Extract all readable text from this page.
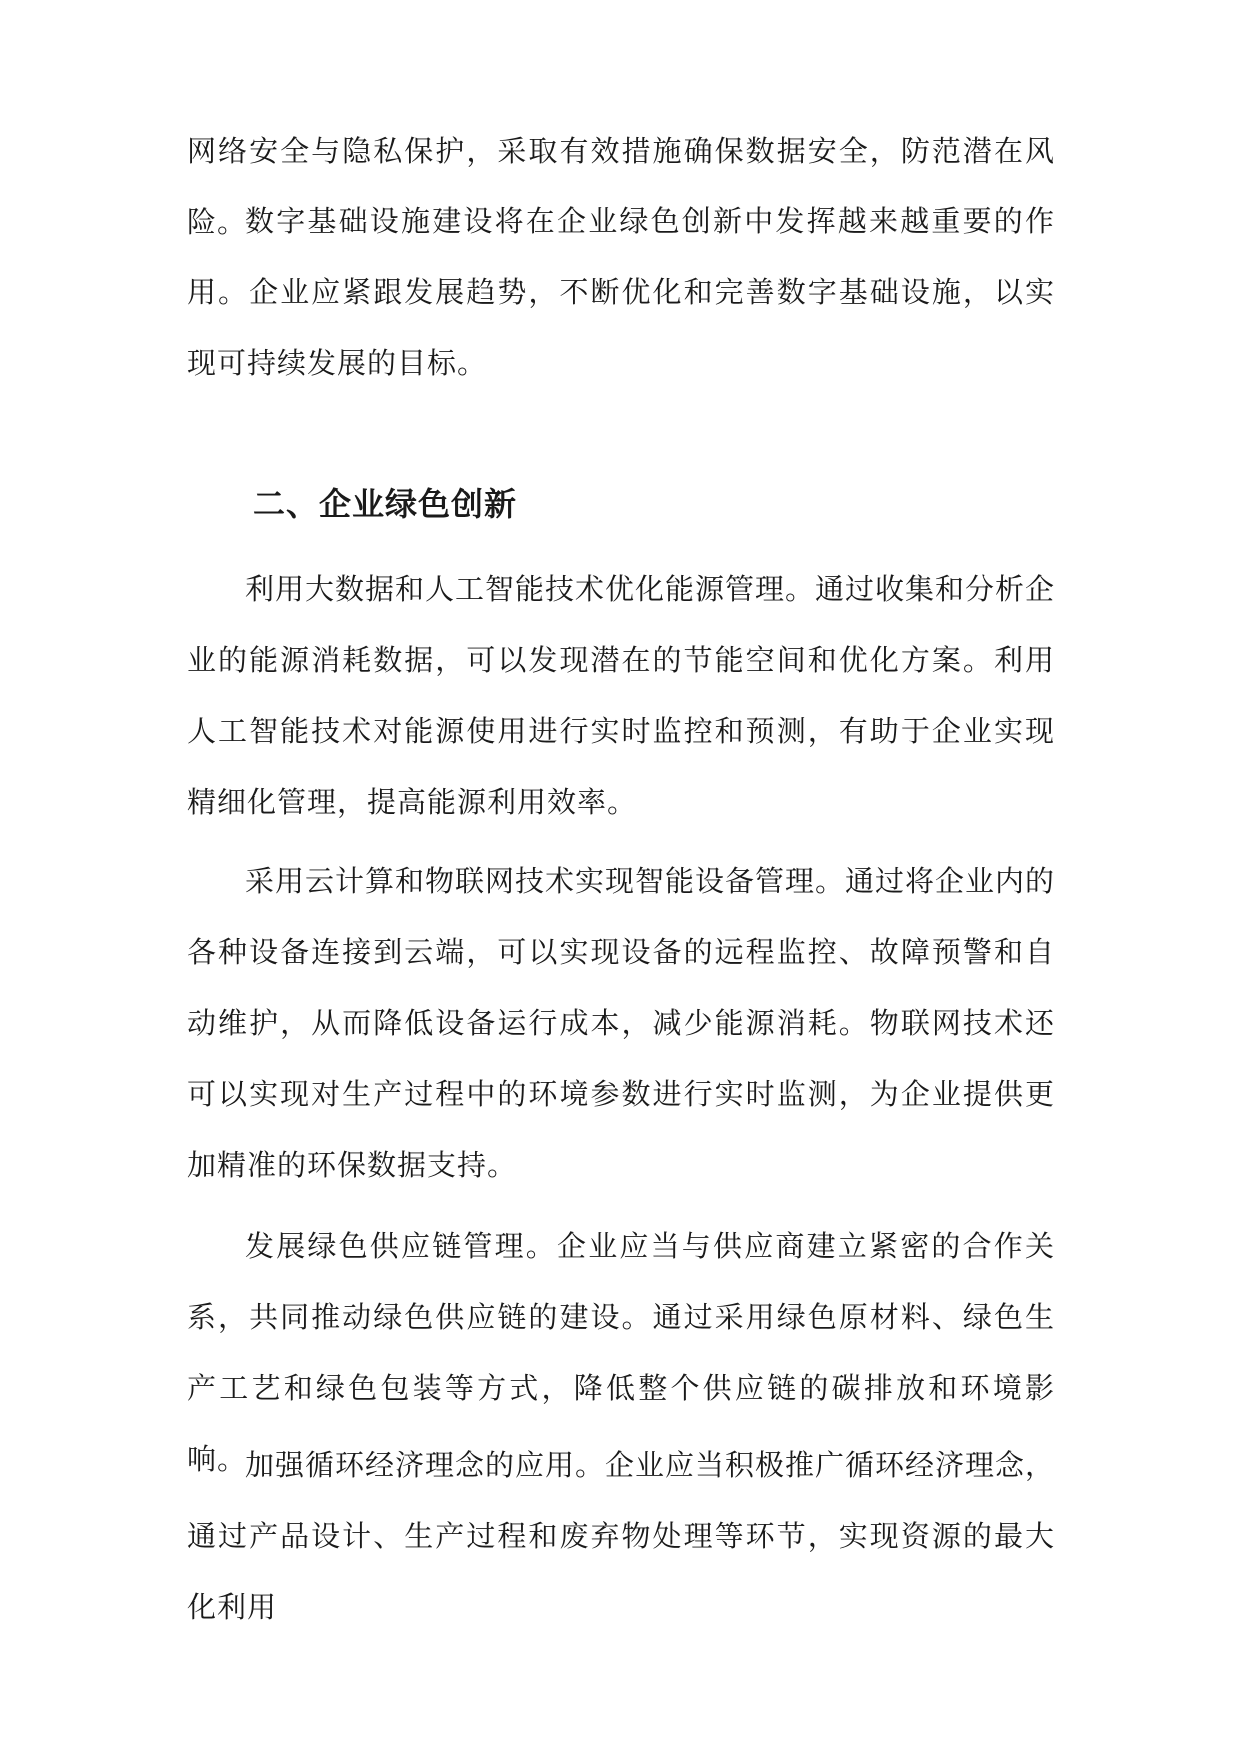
网络安全与隐私保护，采取有效措施确保数据安全，防范潜在风险。

数字基础设施建设将在企业绿色创新中发挥越来越重要的作用。企业应紧跟发展趋势，不断优化和完善数字基础设施，以实现可持续发展的目标。

二、企业绿色创新

利用大数据和人工智能技术优化能源管理。通过收集和分析企业的能源消耗数据，可以发现潜在的节能空间和优化方案。利用人工智能技术对能源使用进行实时监控和预测，有助于企业实现精细化管理，提高能源利用效率。

采用云计算和物联网技术实现智能设备管理。通过将企业内的各种设备连接到云端，可以实现设备的远程监控、故障预警和自动维护，从而降低设备运行成本，减少能源消耗。物联网技术还可以实现对生产过程中的环境参数进行实时监测，为企业提供更加精准的环保数据支持。

发展绿色供应链管理。企业应当与供应商建立紧密的合作关系，共同推动绿色供应链的建设。通过采用绿色原材料、绿色生产工艺和绿色包装等方式，降低整个供应链的碳排放和环境影响。

加强循环经济理念的应用。企业应当积极推广循环经济理念，通过产品设计、生产过程和废弃物处理等环节，实现资源的最大化利用
